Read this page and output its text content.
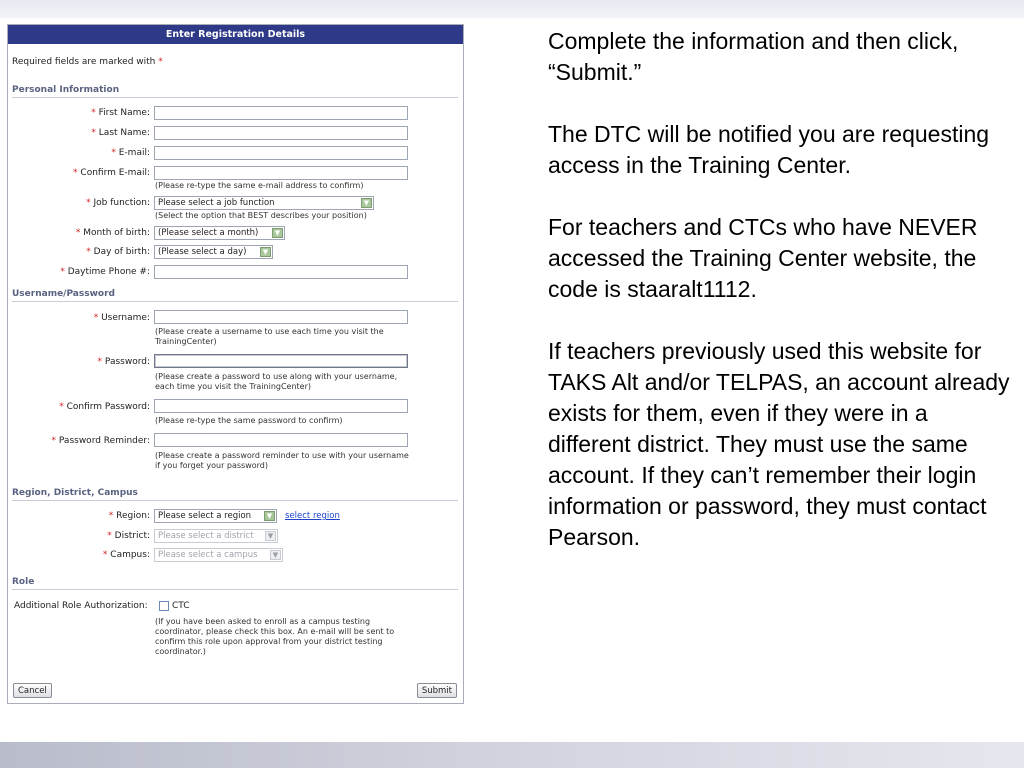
Enter Registration Details
Required fields are marked with *
Personal Information
* First Name:
* Last Name:
* E-mail:
* Confirm E-mail:
(Please re-type the same e-mail address to confirm)
* Job function: Please select a job function	▼
(Select the option that BEST describes your position)
* Month of birth: (Please select a month)	▼
* Day of birth: (Please select a day)	▼
* Daytime Phone #:
Username/Password
* Username:
(Please create a username to use each time you visit the
TrainingCenter)
* Password:
(Please create a password to use along with your username,
each time you visit the TrainingCenter)
* Confirm Password:
(Please re-type the same password to confirm)
* Password Reminder:
(Please create a password reminder to use with your username
if you forget your password)
Region, District, Campus
* Region: Please select a region	▼	select region
* District: Please select a district	▼
* Campus: Please select a campus	▼
Role
Additional Role Authorization:	CTC
(If you have been asked to enroll as a campus testing
coordinator, please check this box. An e-mail will be sent to
confirm this role upon approval from your district testing
coordinator.)
Cancel	Submit

Complete the information and then click, “Submit.”

The DTC will be notified you are requesting access in the Training Center.

For teachers and CTCs who have NEVER accessed the Training Center website, the code is staaralt1112.

If teachers previously used this website for TAKS Alt and/or TELPAS, an account already exists for them, even if they were in a different district. They must use the same account. If they can’t remember their login information or password, they must contact Pearson.
